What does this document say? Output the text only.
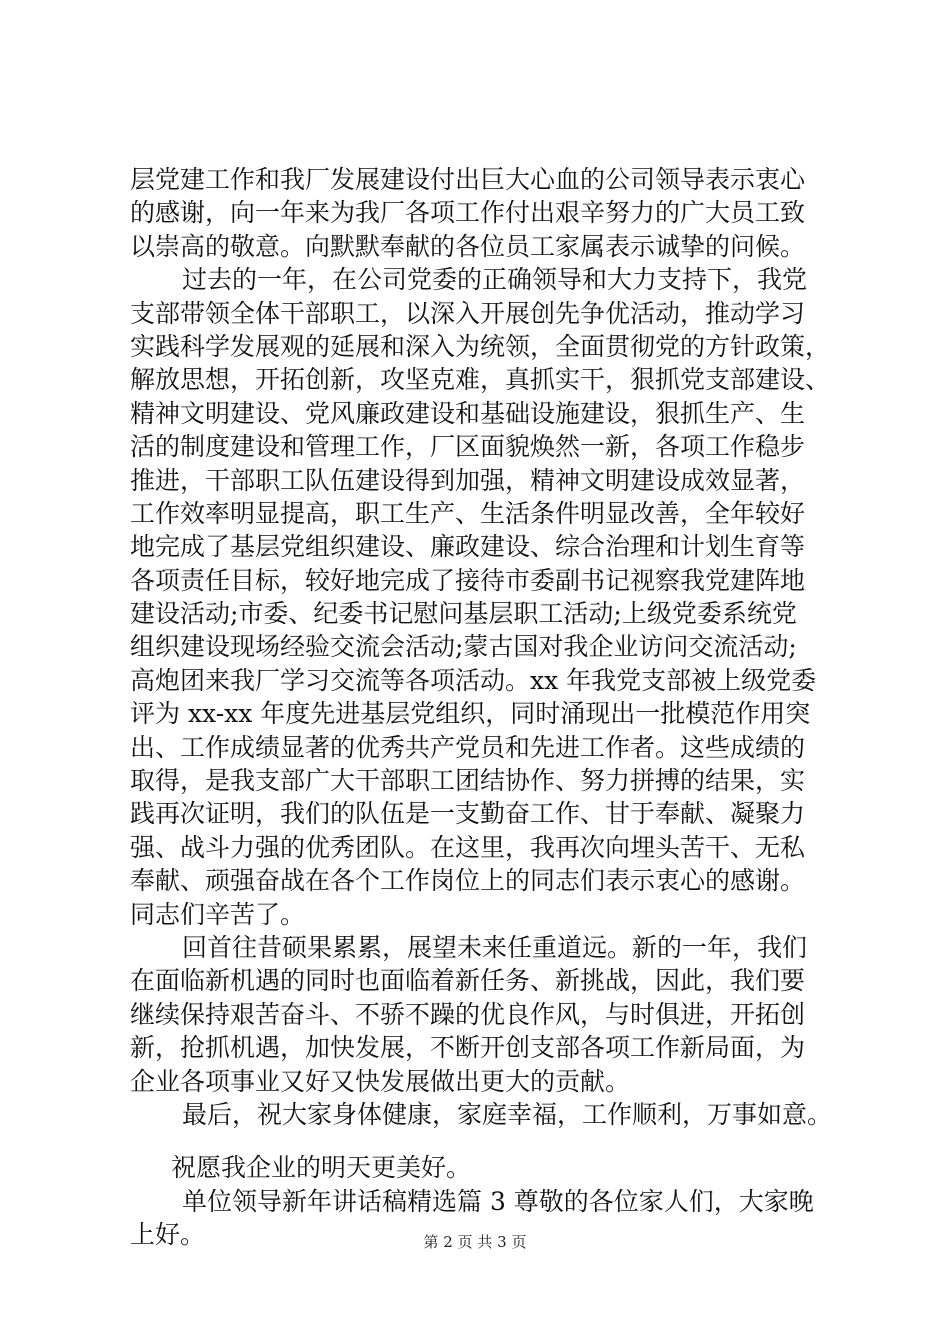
层党建工作和我厂发展建设付出巨大心血的公司领导表示衷心
的感谢，向一年来为我厂各项工作付出艰辛努力的广大员工致
以崇高的敬意。向默默奉献的各位员工家属表示诚挚的问候。
过去的一年，在公司党委的正确领导和大力支持下，我党
支部带领全体干部职工，以深入开展创先争优活动，推动学习
实践科学发展观的延展和深入为统领，全面贯彻党的方针政策，
解放思想，开拓创新，攻坚克难，真抓实干，狠抓党支部建设、
精神文明建设、党风廉政建设和基础设施建设，狠抓生产、生
活的制度建设和管理工作，厂区面貌焕然一新，各项工作稳步
推进，干部职工队伍建设得到加强，精神文明建设成效显著，
工作效率明显提高，职工生产、生活条件明显改善，全年较好
地完成了基层党组织建设、廉政建设、综合治理和计划生育等
各项责任目标，较好地完成了接待市委副书记视察我党建阵地
建设活动;市委、纪委书记慰问基层职工活动;上级党委系统党
组织建设现场经验交流会活动;蒙古国对我企业访问交流活动;
高炮团来我厂学习交流等各项活动。xx 年我党支部被上级党委
评为 xx-xx 年度先进基层党组织，同时涌现出一批模范作用突
出、工作成绩显著的优秀共产党员和先进工作者。这些成绩的
取得，是我支部广大干部职工团结协作、努力拼搏的结果，实
践再次证明，我们的队伍是一支勤奋工作、甘于奉献、凝聚力
强、战斗力强的优秀团队。在这里，我再次向埋头苦干、无私
奉献、顽强奋战在各个工作岗位上的同志们表示衷心的感谢。
同志们辛苦了。
回首往昔硕果累累，展望未来任重道远。新的一年，我们
在面临新机遇的同时也面临着新任务、新挑战，因此，我们要
继续保持艰苦奋斗、不骄不躁的优良作风，与时俱进，开拓创
新，抢抓机遇，加快发展，不断开创支部各项工作新局面，为
企业各项事业又好又快发展做出更大的贡献。
最后，祝大家身体健康，家庭幸福，工作顺利，万事如意。
祝愿我企业的明天更美好。
单位领导新年讲话稿精选篇 3 尊敬的各位家人们，大家晚
上好。	第 2 页 共 3 页
